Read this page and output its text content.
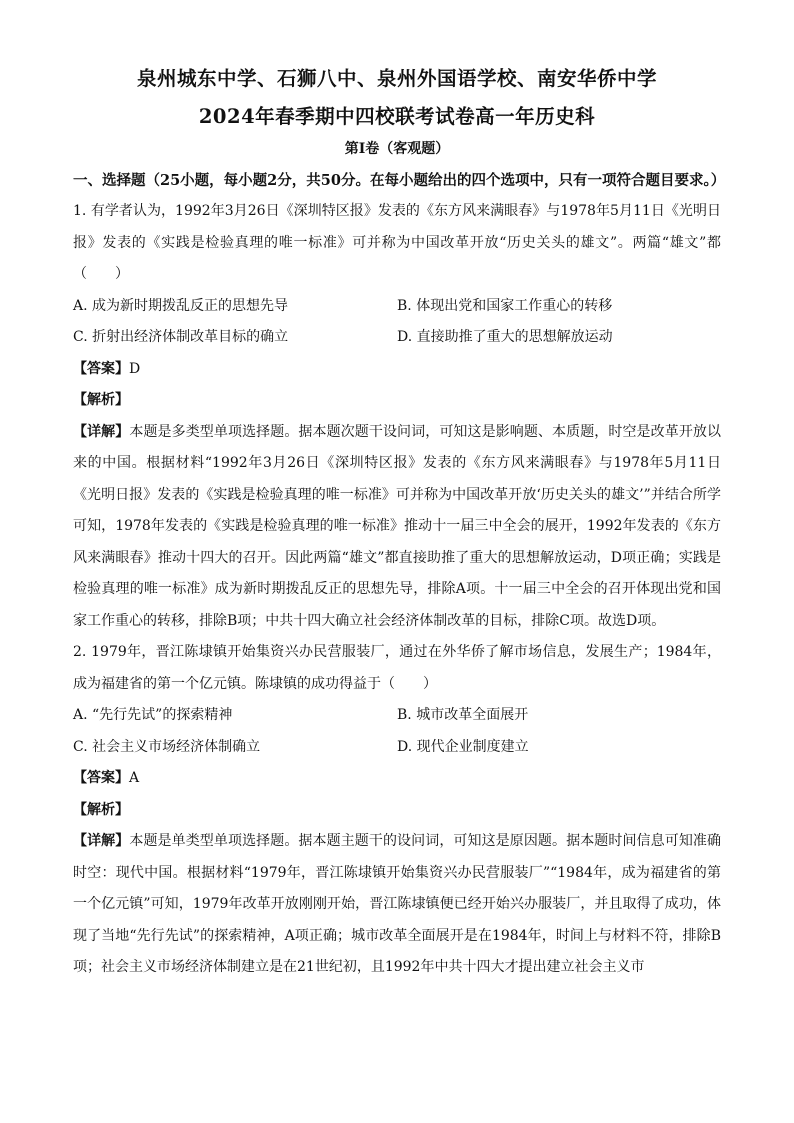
泉州城东中学、石狮八中、泉州外国语学校、南安华侨中学
2024年春季期中四校联考试卷高一年历史科
第Ⅰ卷（客观题）
一、选择题（25小题，每小题2分，共50分。在每小题给出的四个选项中，只有一项符合题目要求。）

1. 有学者认为，1992年3月26日《深圳特区报》发表的《东方风来满眼春》与1978年5月11日《光明日报》发表的《实践是检验真理的唯一标准》可并称为中国改革开放“历史关头的雄文”。两篇“雄文”都（　　）

A. 成为新时期拨乱反正的思想先导	B. 体现出党和国家工作重心的转移
C. 折射出经济体制改革目标的确立	D. 直接助推了重大的思想解放运动

【答案】D

【解析】

【详解】本题是多类型单项选择题。据本题次题干设问词，可知这是影响题、本质题，时空是改革开放以来的中国。根据材料“1992年3月26日《深圳特区报》发表的《东方风来满眼春》与1978年5月11日《光明日报》发表的《实践是检验真理的唯一标准》可并称为中国改革开放‘历史关头的雄文’”并结合所学可知，1978年发表的《实践是检验真理的唯一标准》推动十一届三中全会的展开，1992年发表的《东方风来满眼春》推动十四大的召开。因此两篇“雄文”都直接助推了重大的思想解放运动，D项正确；实践是检验真理的唯一标准》成为新时期拨乱反正的思想先导，排除A项。十一届三中全会的召开体现出党和国家工作重心的转移，排除B项；中共十四大确立社会经济体制改革的目标，排除C项。故选D项。

2. 1979年，晋江陈埭镇开始集资兴办民营服装厂，通过在外华侨了解市场信息，发展生产；1984年，成为福建省的第一个亿元镇。陈埭镇的成功得益于（　　）

A. “先行先试”的探索精神	B. 城市改革全面展开
C. 社会主义市场经济体制确立	D. 现代企业制度建立

【答案】A

【解析】

【详解】本题是单类型单项选择题。据本题主题干的设问词，可知这是原因题。据本题时间信息可知准确时空：现代中国。根据材料“1979年，晋江陈埭镇开始集资兴办民营服装厂”“1984年，成为福建省的第一个亿元镇”可知，1979年改革开放刚刚开始，晋江陈埭镇便已经开始兴办服装厂，并且取得了成功，体现了当地“先行先试”的探索精神，A项正确；城市改革全面展开是在1984年，时间上与材料不符，排除B项；社会主义市场经济体制建立是在21世纪初，且1992年中共十四大才提出建立社会主义市
